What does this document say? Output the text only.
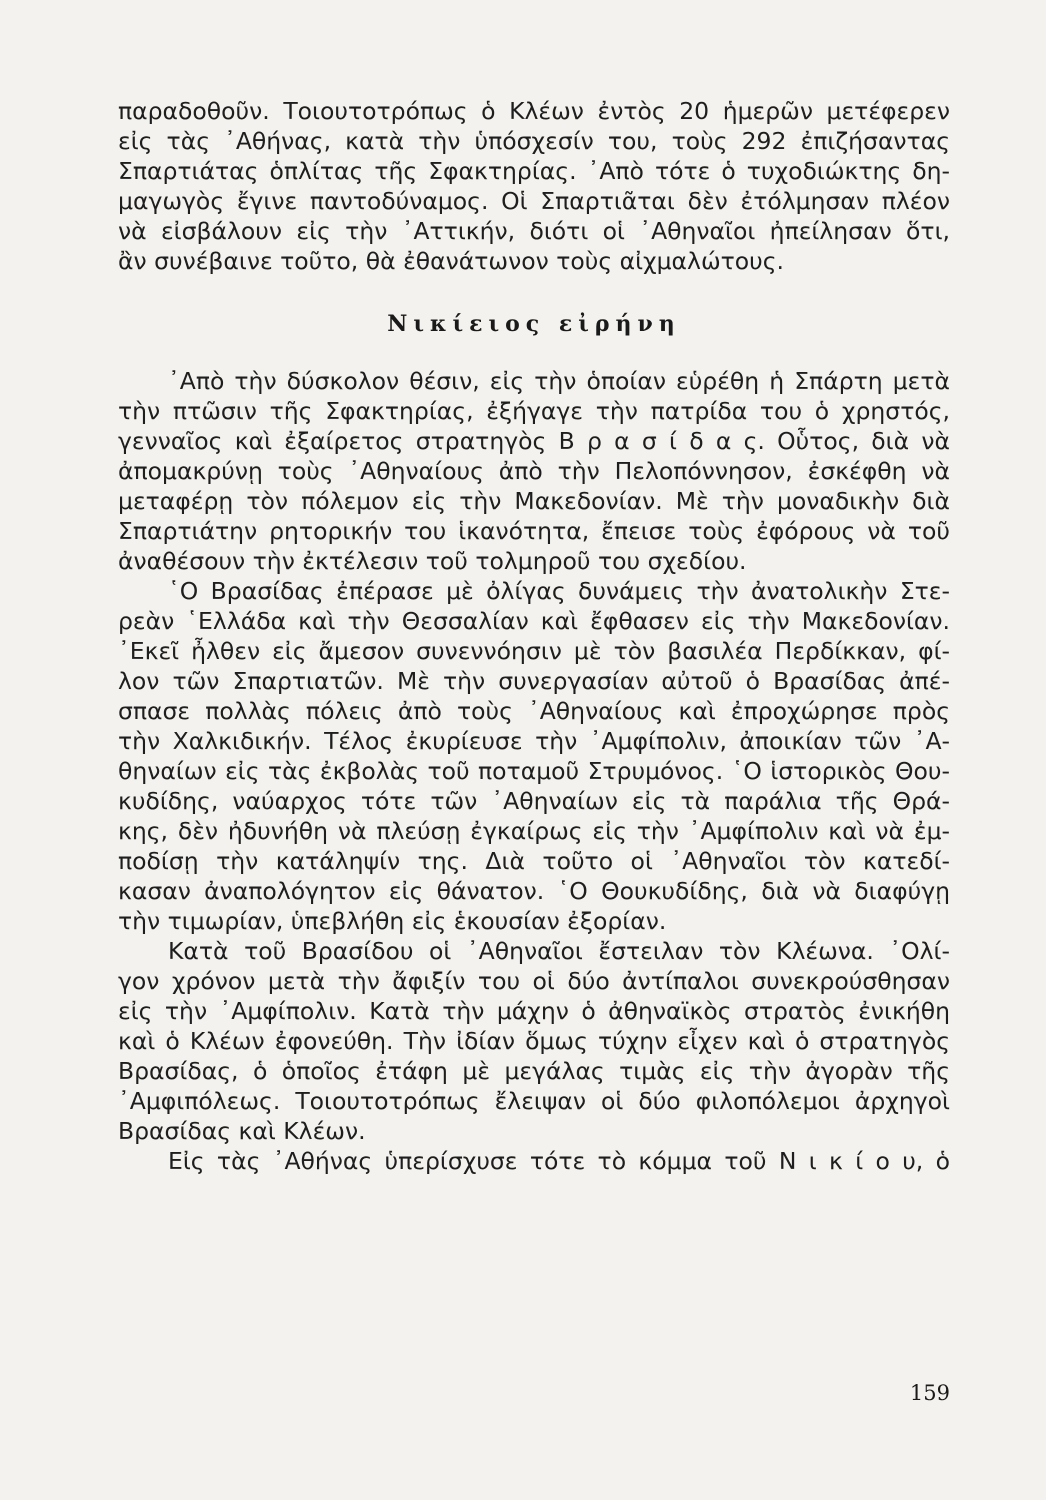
παραδοθοῦν. Τοιουτοτρόπως ὁ Κλέων ἐντὸς 20 ἡμερῶν μετέφερεν
εἰς τὰς ᾿Αθήνας, κατὰ τὴν ὑπόσχεσίν του, τοὺς 292 ἐπιζήσαντας
Σπαρτιάτας ὁπλίτας τῆς Σφακτηρίας. ᾿Απὸ τότε ὁ τυχοδιώκτης δη-
μαγωγὸς ἔγινε παντοδύναμος. Οἱ Σπαρτιᾶται δὲν ἐτόλμησαν πλέον
νὰ εἰσβάλουν εἰς τὴν ᾿Αττικήν, διότι οἱ ᾿Αθηναῖοι ἠπείλησαν ὅτι,
ἂν συνέβαινε τοῦτο, θὰ ἐθανάτωνον τοὺς αἰχμαλώτους.
Νικίειος εἰρήνη
᾿Απὸ τὴν δύσκολον θέσιν, εἰς τὴν ὁποίαν εὑρέθη ἡ Σπάρτη μετὰ
τὴν πτῶσιν τῆς Σφακτηρίας, ἐξήγαγε τὴν πατρίδα του ὁ χρηστός,
γενναῖος καὶ ἐξαίρετος στρατηγὸς Β ρ α σ ί δ α ς. Οὗτος, διὰ νὰ
ἀπομακρύνῃ τοὺς ᾿Αθηναίους ἀπὸ τὴν Πελοπόννησον, ἐσκέφθη νὰ
μεταφέρῃ τὸν πόλεμον εἰς τὴν Μακεδονίαν. Μὲ τὴν μοναδικὴν διὰ
Σπαρτιάτην ρητορικήν του ἱκανότητα, ἔπεισε τοὺς ἐφόρους νὰ τοῦ
ἀναθέσουν τὴν ἐκτέλεσιν τοῦ τολμηροῦ του σχεδίου.
῾Ο Βρασίδας ἐπέρασε μὲ ὀλίγας δυνάμεις τὴν ἀνατολικὴν Στε-
ρεὰν ῾Ελλάδα καὶ τὴν Θεσσαλίαν καὶ ἔφθασεν εἰς τὴν Μακεδονίαν.
᾿Εκεῖ ἦλθεν εἰς ἄμεσον συνεννόησιν μὲ τὸν βασιλέα Περδίκκαν, φί-
λον τῶν Σπαρτιατῶν. Μὲ τὴν συνεργασίαν αὐτοῦ ὁ Βρασίδας ἀπέ-
σπασε πολλὰς πόλεις ἀπὸ τοὺς ᾿Αθηναίους καὶ ἐπροχώρησε πρὸς
τὴν Χαλκιδικήν. Τέλος ἐκυρίευσε τὴν ᾿Αμφίπολιν, ἀποικίαν τῶν ᾿Α-
θηναίων εἰς τὰς ἐκβολὰς τοῦ ποταμοῦ Στρυμόνος. ῾Ο ἱστορικὸς Θου-
κυδίδης, ναύαρχος τότε τῶν ᾿Αθηναίων εἰς τὰ παράλια τῆς Θρά-
κης, δὲν ἠδυνήθη νὰ πλεύσῃ ἐγκαίρως εἰς τὴν ᾿Αμφίπολιν καὶ νὰ ἐμ-
ποδίσῃ τὴν κατάληψίν της. Διὰ τοῦτο οἱ ᾿Αθηναῖοι τὸν κατεδί-
κασαν ἀναπολόγητον εἰς θάνατον. ῾Ο Θουκυδίδης, διὰ νὰ διαφύγῃ
τὴν τιμωρίαν, ὑπεβλήθη εἰς ἑκουσίαν ἐξορίαν.
Κατὰ τοῦ Βρασίδου οἱ ᾿Αθηναῖοι ἔστειλαν τὸν Κλέωνα. ᾿Ολί-
γον χρόνον μετὰ τὴν ἄφιξίν του οἱ δύο ἀντίπαλοι συνεκρούσθησαν
εἰς τὴν ᾿Αμφίπολιν. Κατὰ τὴν μάχην ὁ ἀθηναϊκὸς στρατὸς ἐνικήθη
καὶ ὁ Κλέων ἐφονεύθη. Τὴν ἰδίαν ὅμως τύχην εἶχεν καὶ ὁ στρατηγὸς
Βρασίδας, ὁ ὁποῖος ἐτάφη μὲ μεγάλας τιμὰς εἰς τὴν ἀγορὰν τῆς
᾿Αμφιπόλεως. Τοιουτοτρόπως ἔλειψαν οἱ δύο φιλοπόλεμοι ἀρχηγοὶ
Βρασίδας καὶ Κλέων.
Εἰς τὰς ᾿Αθήνας ὑπερίσχυσε τότε τὸ κόμμα τοῦ Ν ι κ ί ο υ, ὁ
159
